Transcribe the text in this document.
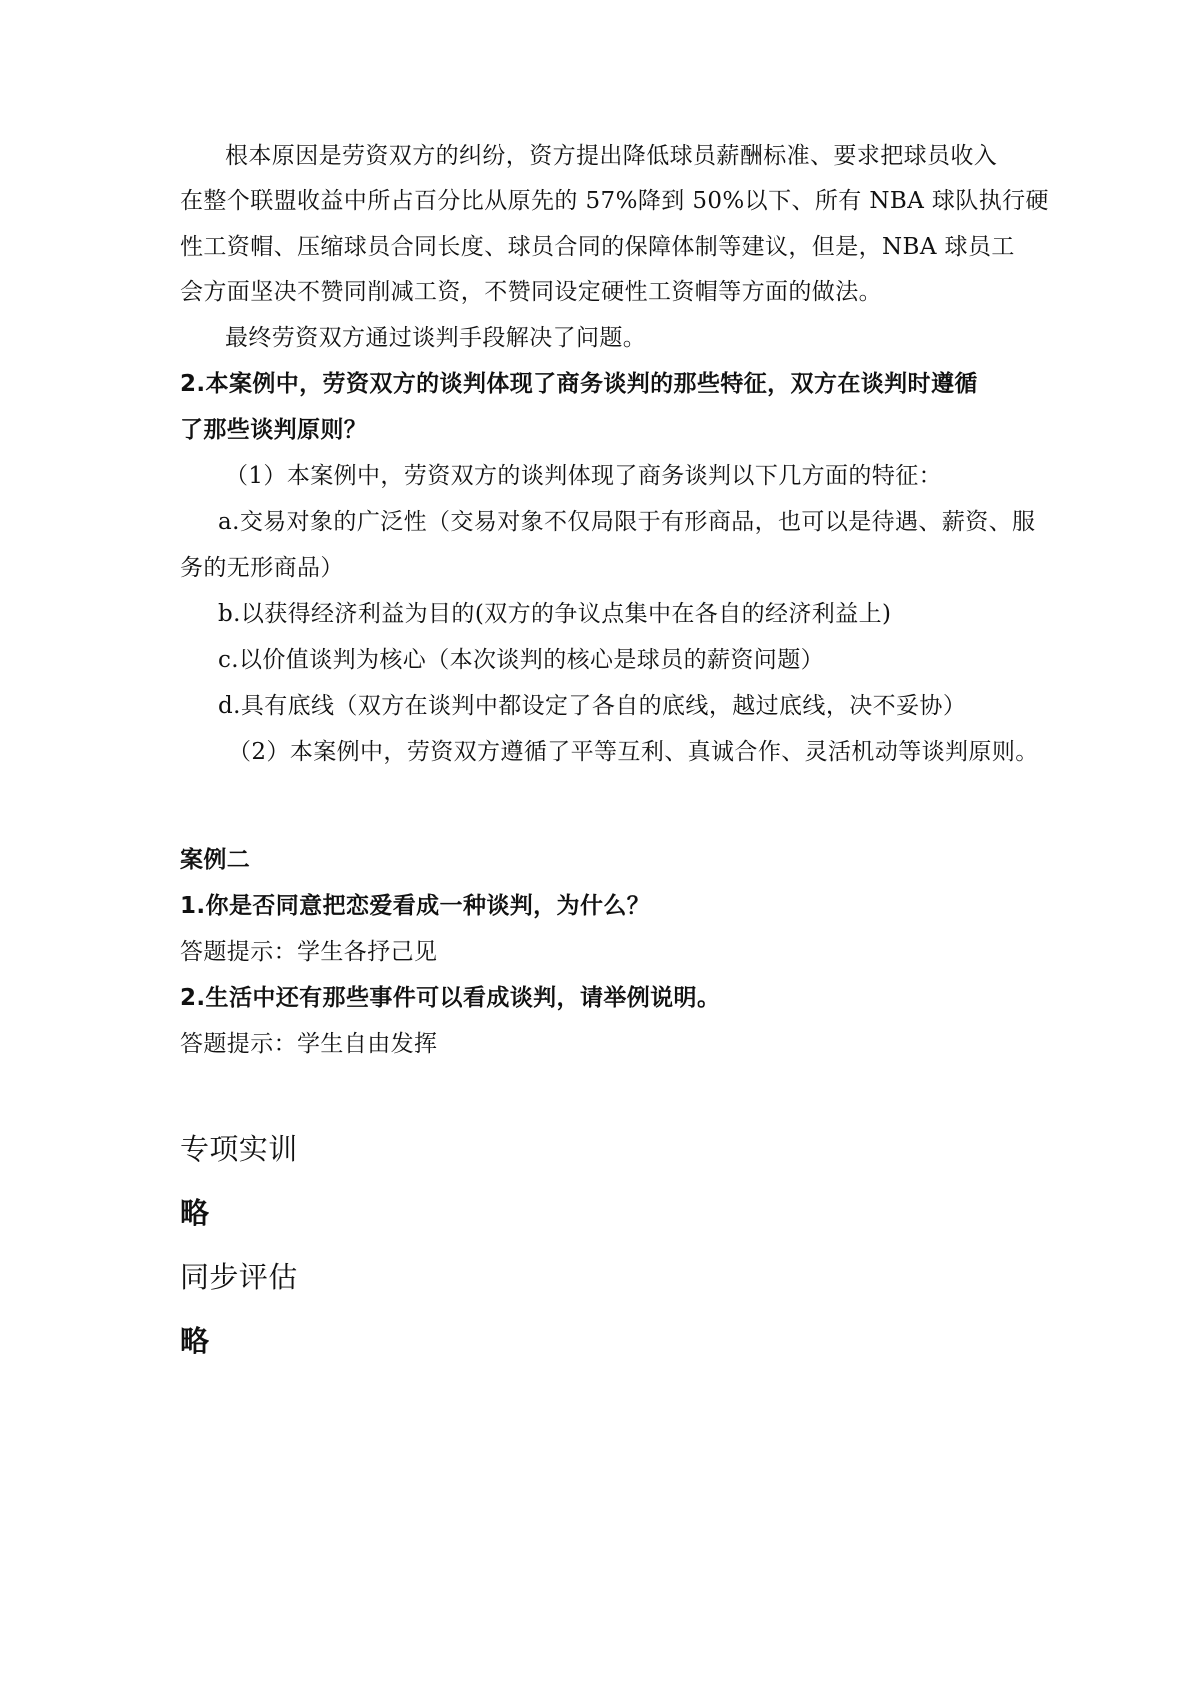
根本原因是劳资双方的纠纷，资方提出降低球员薪酬标准、要求把球员收入
在整个联盟收益中所占百分比从原先的 57%降到 50%以下、所有 NBA 球队执行硬
性工资帽、压缩球员合同长度、球员合同的保障体制等建议，但是，NBA 球员工
会方面坚决不赞同削减工资，不赞同设定硬性工资帽等方面的做法。
最终劳资双方通过谈判手段解决了问题。
2.本案例中，劳资双方的谈判体现了商务谈判的那些特征，双方在谈判时遵循
了那些谈判原则？
（1）本案例中，劳资双方的谈判体现了商务谈判以下几方面的特征：
a.交易对象的广泛性（交易对象不仅局限于有形商品，也可以是待遇、薪资、服
务的无形商品）
b.以获得经济利益为目的(双方的争议点集中在各自的经济利益上)
c.以价值谈判为核心（本次谈判的核心是球员的薪资问题）
d.具有底线（双方在谈判中都设定了各自的底线，越过底线，决不妥协）
（2）本案例中，劳资双方遵循了平等互利、真诚合作、灵活机动等谈判原则。
案例二
1.你是否同意把恋爱看成一种谈判，为什么？
答题提示：学生各抒己见
2.生活中还有那些事件可以看成谈判，请举例说明。
答题提示：学生自由发挥
专项实训
略
同步评估
略
